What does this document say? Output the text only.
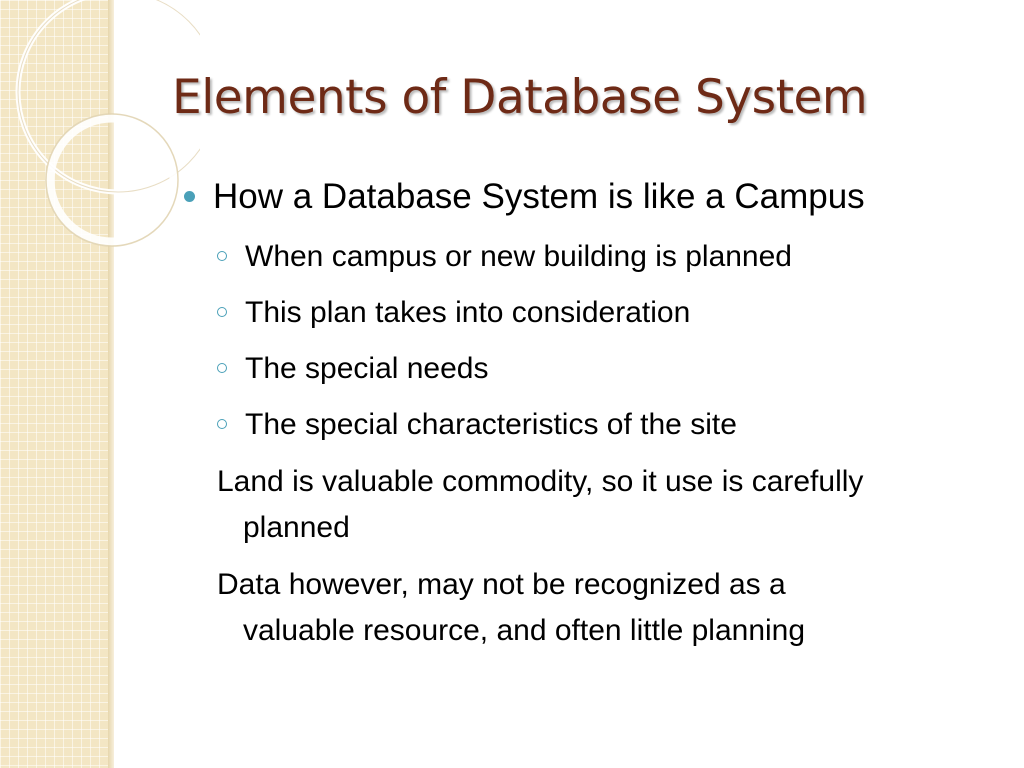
Elements of Database System
How a Database System is like a Campus
When campus or new building is planned
This plan takes into consideration
The special needs
The special characteristics of the site
Land is valuable commodity, so it use is carefully
planned
Data however, may not be recognized as a
valuable resource, and often little planning
